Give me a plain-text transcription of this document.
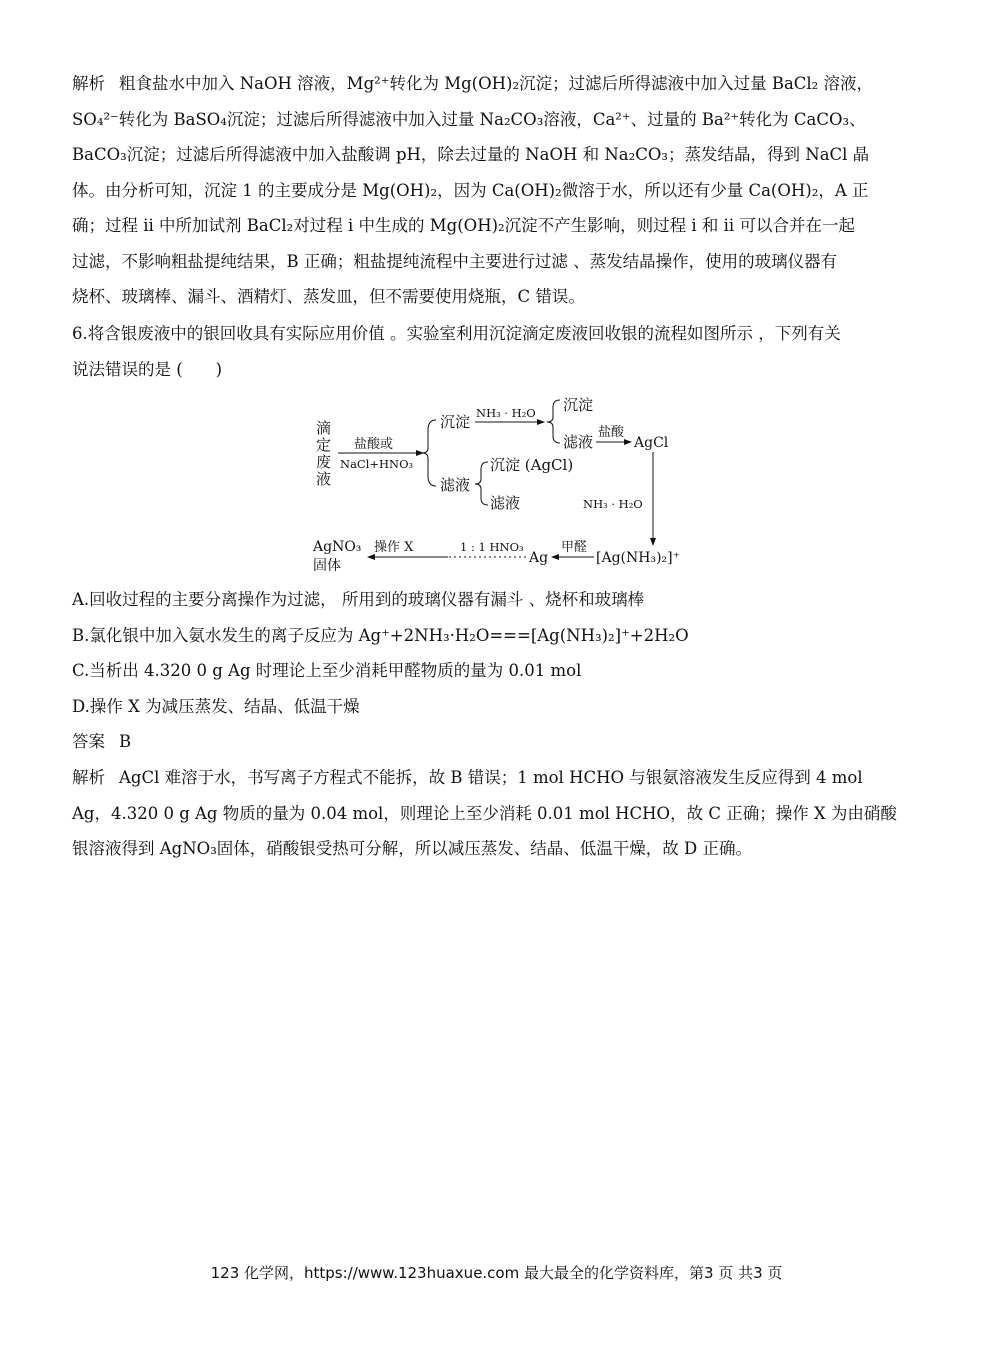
解析 粗食盐水中加入 NaOH 溶液，Mg²⁺转化为 Mg(OH)₂沉淀；过滤后所得滤液中加入过量 BaCl₂ 溶液，
SO₄²⁻转化为 BaSO₄沉淀；过滤后所得滤液中加入过量 Na₂CO₃溶液，Ca²⁺、过量的 Ba²⁺转化为 CaCO₃、
BaCO₃沉淀；过滤后所得滤液中加入盐酸调 pH，除去过量的 NaOH 和 Na₂CO₃；蒸发结晶，得到 NaCl 晶
体。由分析可知，沉淀 1 的主要成分是 Mg(OH)₂，因为 Ca(OH)₂微溶于水，所以还有少量 Ca(OH)₂，A 正
确；过程 ii 中所加试剂 BaCl₂对过程 i 中生成的 Mg(OH)₂沉淀不产生影响，则过程 i 和 ii 可以合并在一起
过滤，不影响粗盐提纯结果，B 正确；粗盐提纯流程中主要进行过滤 、蒸发结晶操作，使用的玻璃仪器有
烧杯、玻璃棒、漏斗、酒精灯、蒸发皿，但不需要使用烧瓶，C 错误。
6.将含银废液中的银回收具有实际应用价值 。实验室利用沉淀滴定废液回收银的流程如图所示 ，下列有关
说法错误的是 (　　)
滴
定
废
液
盐酸或
NaCl+HNO₃
沉淀
滤液
NH₃ · H₂O 沉淀
滤液
盐酸
AgCl
沉淀 (AgCl)
滤液	NH₃ · H₂O
[Ag(NH₃)₂]⁺
甲醛
Ag
1 : 1 HNO₃
操作 X
AgNO₃
固体
A.回收过程的主要分离操作为过滤， 所用到的玻璃仪器有漏斗 、烧杯和玻璃棒
B.氯化银中加入氨水发生的离子反应为 Ag⁺+2NH₃·H₂O===[Ag(NH₃)₂]⁺+2H₂O
C.当析出 4.320 0 g Ag 时理论上至少消耗甲醛物质的量为 0.01 mol
D.操作 X 为减压蒸发、结晶、低温干燥
答案 B
解析 AgCl 难溶于水，书写离子方程式不能拆，故 B 错误；1 mol HCHO 与银氨溶液发生反应得到 4 mol
Ag，4.320 0 g Ag 物质的量为 0.04 mol，则理论上至少消耗 0.01 mol HCHO，故 C 正确；操作 X 为由硝酸
银溶液得到 AgNO₃固体，硝酸银受热可分解，所以减压蒸发、结晶、低温干燥，故 D 正确。
123 化学网，https://www.123huaxue.com 最大最全的化学资料库，第3 页 共3 页
